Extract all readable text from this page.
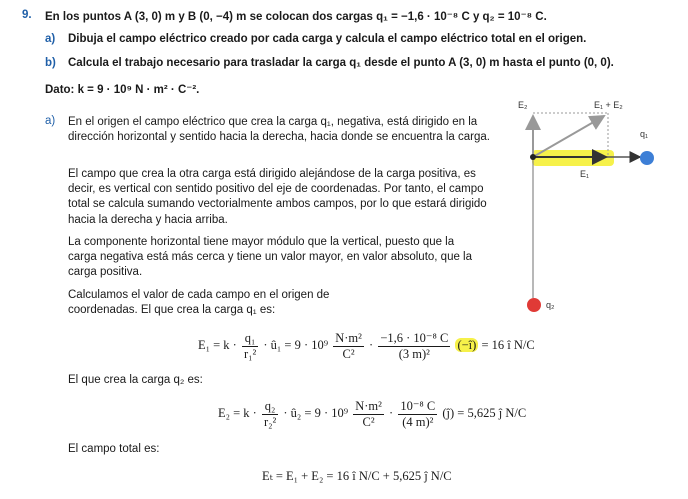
9. En los puntos A (3, 0) m y B (0, −4) m se colocan dos cargas q₁ = −1,6 · 10⁻⁸ C y q₂ = 10⁻⁸ C.
a) Dibuja el campo eléctrico creado por cada carga y calcula el campo eléctrico total en el origen.
b) Calcula el trabajo necesario para trasladar la carga q₁ desde el punto A (3, 0) m hasta el punto (0, 0).
Dato: k = 9 · 10⁹ N · m² · C⁻².
a) En el origen el campo eléctrico que crea la carga q₁, negativa, está dirigido en la dirección horizontal y sentido hacia la derecha, hacia donde se encuentra la carga.
El campo que crea la otra carga está dirigido alejándose de la carga positiva, es decir, es vertical con sentido positivo del eje de coordenadas. Por tanto, el campo total se calcula sumando vectorialmente ambos campos, por lo que estará dirigido hacia la derecha y hacia arriba.
La componente horizontal tiene mayor módulo que la vertical, puesto que la carga negativa está más cerca y tiene un valor mayor, en valor absoluto, que la carga positiva.
Calculamos el valor de cada campo en el origen de coordenadas. El que crea la carga q₁ es:
$E_1 = k \cdot \frac{\text{q₁}}{\text{r₁²}}$ · û₁ = $9 \cdot 10^9 \frac{\text{N·m²}}{\text{C²}} \cdot \frac{\text{−1,6 · 10⁻⁸ C}}{\text{(3 m)²}}$ (−î) = 16 î N/C
El que crea la carga q₂ es:
$E_2 = k \cdot \frac{\text{q₂}}{\text{r₂²}}$ · û₂ = $9 \cdot 10^9 \frac{\text{N·m²}}{\text{C²}} \cdot \frac{\text{10⁻⁸ C}}{\text{(4 m)²}}$ (ĵ) = 5,625 ĵ N/C
El campo total es:
Eₜ = E₁ + E₂ = 16 î N/C + 5,625 ĵ N/C
E₂	E₁ + E₂
q₁
E₁
q₂
